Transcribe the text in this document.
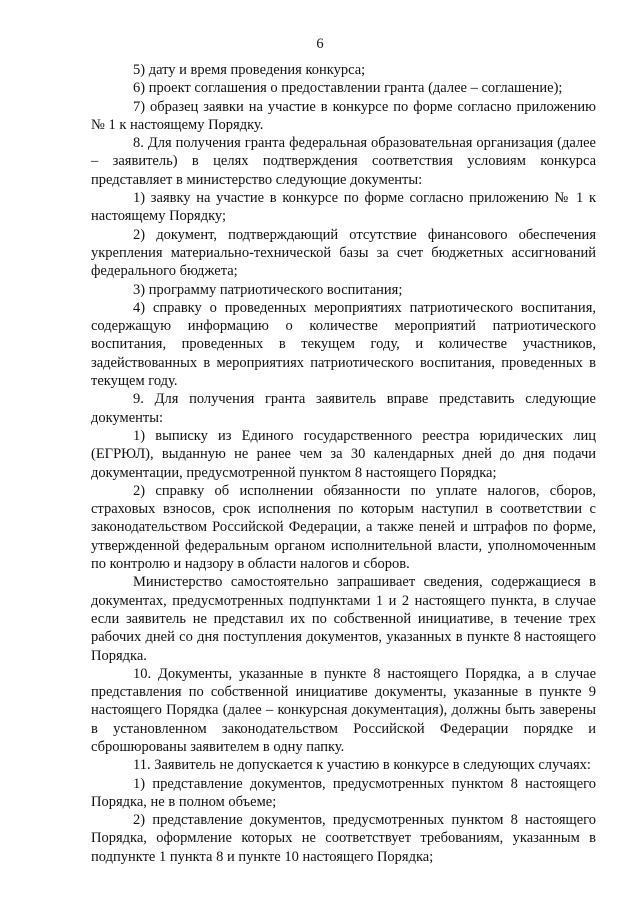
6

5) дату и время проведения конкурса;

6) проект соглашения о предоставлении гранта (далее – соглашение);

7) образец заявки на участие в конкурсе по форме согласно приложению № 1 к настоящему Порядку.

8. Для получения гранта федеральная образовательная организация (далее – заявитель) в целях подтверждения соответствия условиям конкурса представляет в министерство следующие документы:

1) заявку на участие в конкурсе по форме согласно приложению № 1 к настоящему Порядку;

2) документ, подтверждающий отсутствие финансового обеспечения укрепления материально-технической базы за счет бюджетных ассигнований федерального бюджета;

3) программу патриотического воспитания;

4) справку о проведенных мероприятиях патриотического воспитания, содержащую информацию о количестве мероприятий патриотического воспитания, проведенных в текущем году, и количестве участников, задействованных в мероприятиях патриотического воспитания, проведенных в текущем году.

9. Для получения гранта заявитель вправе представить следующие документы:

1) выписку из Единого государственного реестра юридических лиц (ЕГРЮЛ), выданную не ранее чем за 30 календарных дней до дня подачи документации, предусмотренной пунктом 8 настоящего Порядка;

2) справку об исполнении обязанности по уплате налогов, сборов, страховых взносов, срок исполнения по которым наступил в соответствии с законодательством Российской Федерации, а также пеней и штрафов по форме, утвержденной федеральным органом исполнительной власти, уполномоченным по контролю и надзору в области налогов и сборов.

Министерство самостоятельно запрашивает сведения, содержащиеся в документах, предусмотренных подпунктами 1 и 2 настоящего пункта, в случае если заявитель не представил их по собственной инициативе, в течение трех рабочих дней со дня поступления документов, указанных в пункте 8 настоящего Порядка.

10. Документы, указанные в пункте 8 настоящего Порядка, а в случае представления по собственной инициативе документы, указанные в пункте 9 настоящего Порядка (далее – конкурсная документация), должны быть заверены в установленном законодательством Российской Федерации порядке и сброшюрованы заявителем в одну папку.

11. Заявитель не допускается к участию в конкурсе в следующих случаях:

1) представление документов, предусмотренных пунктом 8 настоящего Порядка, не в полном объеме;

2) представление документов, предусмотренных пунктом 8 настоящего Порядка, оформление которых не соответствует требованиям, указанным в подпункте 1 пункта 8 и пункте 10 настоящего Порядка;
